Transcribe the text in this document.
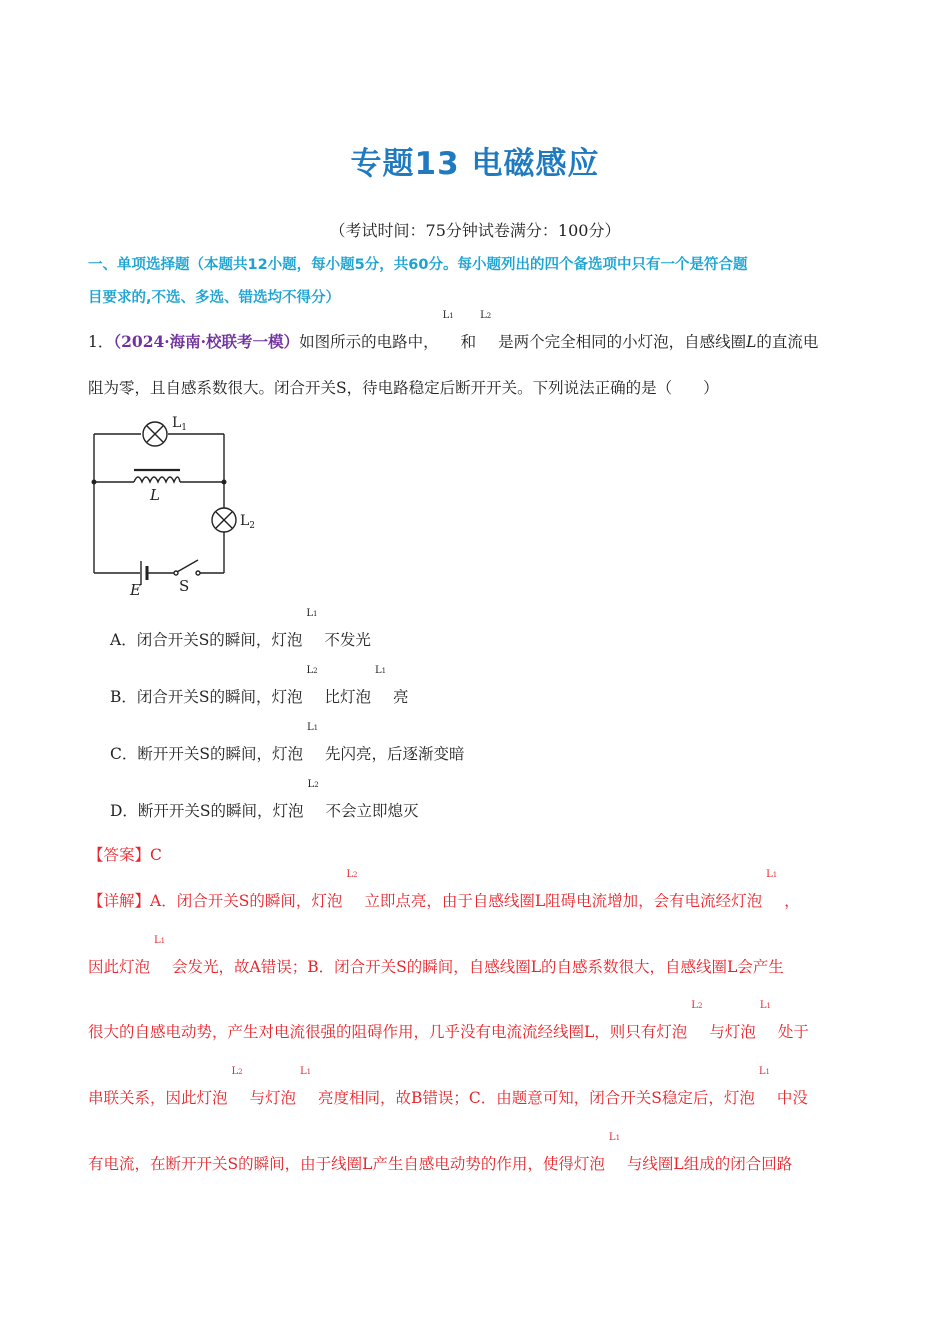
专题13 电磁感应
（考试时间：75分钟试卷满分：100分）
一、单项选择题（本题共12小题，每小题5分，共60分。每小题列出的四个备选项中只有一个是符合题
目要求的,不选、多选、错选均不得分）
1．（2024·海南·校联考一模）如图所示的电路中，
L1
和
L2
是两个完全相同的小灯泡，自感线圈L的直流电
阻为零，且自感系数很大。闭合开关S，待电路稳定后断开开关。下列说法正确的是（　　）
$L_1$
$L_2$
L
E	S
A．闭合开关S的瞬间，灯泡
L1
不发光
B．闭合开关S的瞬间，灯泡
L2
比灯泡
L1
亮
C．断开开关S的瞬间，灯泡
L1
先闪亮，后逐渐变暗
D．断开开关S的瞬间，灯泡
L2
不会立即熄灭
【答案】C
【详解】A．闭合开关S的瞬间，灯泡
L2
立即点亮，由于自感线圈L阻碍电流增加，会有电流经灯泡
L1
，
因此灯泡
L1
会发光，故A错误；B．闭合开关S的瞬间，自感线圈L的自感系数很大，自感线圈L会产生
很大的自感电动势，产生对电流很强的阻碍作用，几乎没有电流流经线圈L，则只有灯泡
L2
与灯泡
L1
处于
串联关系，因此灯泡
L2
与灯泡
L1
亮度相同，故B错误；C．由题意可知，闭合开关S稳定后，灯泡
L1
中没
有电流，在断开开关S的瞬间，由于线圈L产生自感电动势的作用，使得灯泡
L1
与线圈L组成的闭合回路
